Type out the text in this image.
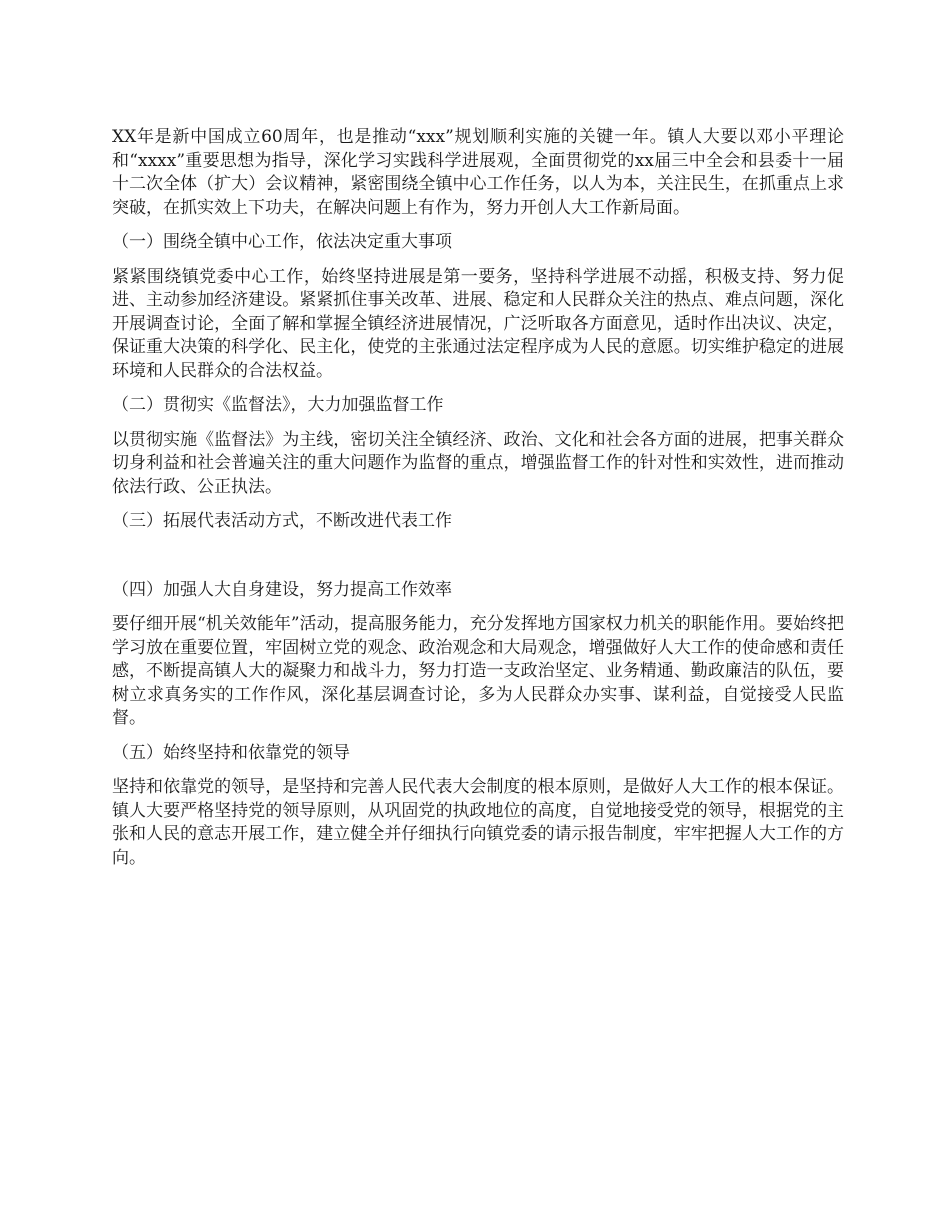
XX年是新中国成立60周年，也是推动“xxx”规划顺利实施的关键一年。镇人大要以邓小平理论和“xxxx”重要思想为指导，深化学习实践科学进展观，全面贯彻党的xx届三中全会和县委十一届十二次全体（扩大）会议精神，紧密围绕全镇中心工作任务，以人为本，关注民生，在抓重点上求突破，在抓实效上下功夫，在解决问题上有作为，努力开创人大工作新局面。

（一）围绕全镇中心工作，依法决定重大事项

紧紧围绕镇党委中心工作，始终坚持进展是第一要务，坚持科学进展不动摇，积极支持、努力促进、主动参加经济建设。紧紧抓住事关改革、进展、稳定和人民群众关注的热点、难点问题，深化开展调查讨论，全面了解和掌握全镇经济进展情况，广泛听取各方面意见，适时作出决议、决定，保证重大决策的科学化、民主化，使党的主张通过法定程序成为人民的意愿。切实维护稳定的进展环境和人民群众的合法权益。

（二）贯彻实《监督法》，大力加强监督工作

以贯彻实施《监督法》为主线，密切关注全镇经济、政治、文化和社会各方面的进展，把事关群众切身利益和社会普遍关注的重大问题作为监督的重点，增强监督工作的针对性和实效性，进而推动依法行政、公正执法。

（三）拓展代表活动方式，不断改进代表工作

（四）加强人大自身建设，努力提高工作效率

要仔细开展“机关效能年”活动，提高服务能力，充分发挥地方国家权力机关的职能作用。要始终把学习放在重要位置，牢固树立党的观念、政治观念和大局观念，增强做好人大工作的使命感和责任感，不断提高镇人大的凝聚力和战斗力，努力打造一支政治坚定、业务精通、勤政廉洁的队伍，要树立求真务实的工作作风，深化基层调查讨论，多为人民群众办实事、谋利益，自觉接受人民监督。

（五）始终坚持和依靠党的领导

坚持和依靠党的领导，是坚持和完善人民代表大会制度的根本原则，是做好人大工作的根本保证。镇人大要严格坚持党的领导原则，从巩固党的执政地位的高度，自觉地接受党的领导，根据党的主张和人民的意志开展工作，建立健全并仔细执行向镇党委的请示报告制度，牢牢把握人大工作的方向。
